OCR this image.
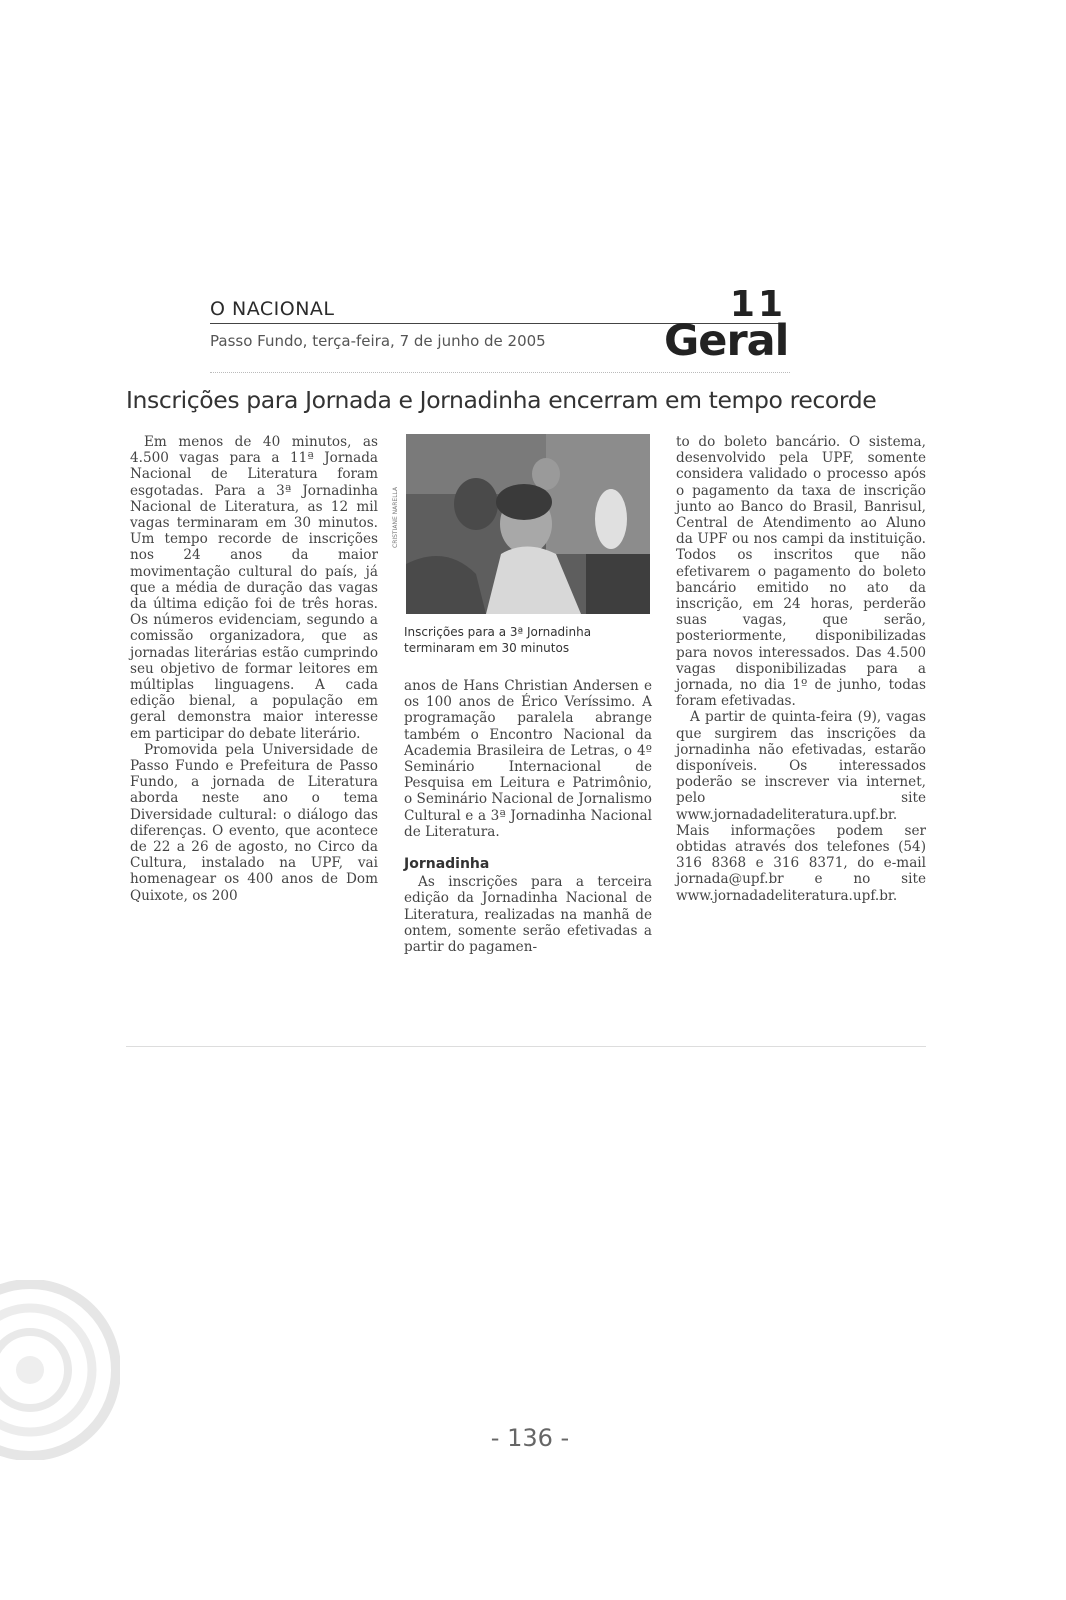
O NACIONAL
Passo Fundo, terça-feira, 7 de junho de 2005
11
Geral
Inscrições para Jornada e Jornadinha encerram em tempo recorde

Em menos de 40 minutos, as 4.500 vagas para a 11ª Jornada Nacional de Literatura foram esgotadas. Para a 3ª Jornadinha Nacional de Literatura, as 12 mil vagas terminaram em 30 minutos. Um tempo recorde de inscrições nos 24 anos da maior movimentação cultural do país, já que a média de duração das vagas da última edição foi de três horas. Os números evidenciam, segundo a comissão organizadora, que as jornadas literárias estão cumprindo seu objetivo de formar leitores em múltiplas linguagens. A cada edição bienal, a população em geral demonstra maior interesse em participar do debate literário.

Promovida pela Universidade de Passo Fundo e Prefeitura de Passo Fundo, a jornada de Literatura aborda neste ano o tema Diversidade cultural: o diálogo das diferenças. O evento, que acontece de 22 a 26 de agosto, no Circo da Cultura, instalado na UPF, vai homenagear os 400 anos de Dom Quixote, os 200

CRISTIANE NARELLA
Inscrições para a 3ª Jornadinha terminaram em 30 minutos

anos de Hans Christian Andersen e os 100 anos de Érico Veríssimo. A programação paralela abrange também o Encontro Nacional da Academia Brasileira de Letras, o 4º Seminário Internacional de Pesquisa em Leitura e Patrimônio, o Seminário Nacional de Jornalismo Cultural e a 3ª Jornadinha Nacional de Literatura.

Jornadinha

As inscrições para a terceira edição da Jornadinha Nacional de Literatura, realizadas na manhã de ontem, somente serão efetivadas a partir do pagamen-

to do boleto bancário. O sistema, desenvolvido pela UPF, somente considera validado o processo após o pagamento da taxa de inscrição junto ao Banco do Brasil, Banrisul, Central de Atendimento ao Aluno da UPF ou nos campi da instituição. Todos os inscritos que não efetivarem o pagamento do boleto bancário emitido no ato da inscrição, em 24 horas, perderão suas vagas, que serão, posteriormente, disponibilizadas para novos interessados. Das 4.500 vagas disponibilizadas para a jornada, no dia 1º de junho, todas foram efetivadas.

A partir de quinta-feira (9), vagas que surgirem das inscrições da jornadinha não efetivadas, estarão disponíveis. Os interessados poderão se inscrever via internet, pelo site www.jornadadeliteratura.upf.br. Mais informações podem ser obtidas através dos telefones (54) 316 8368 e 316 8371, do e-mail jornada@upf.br e no site www.jornadadeliteratura.upf.br.

- 136 -
